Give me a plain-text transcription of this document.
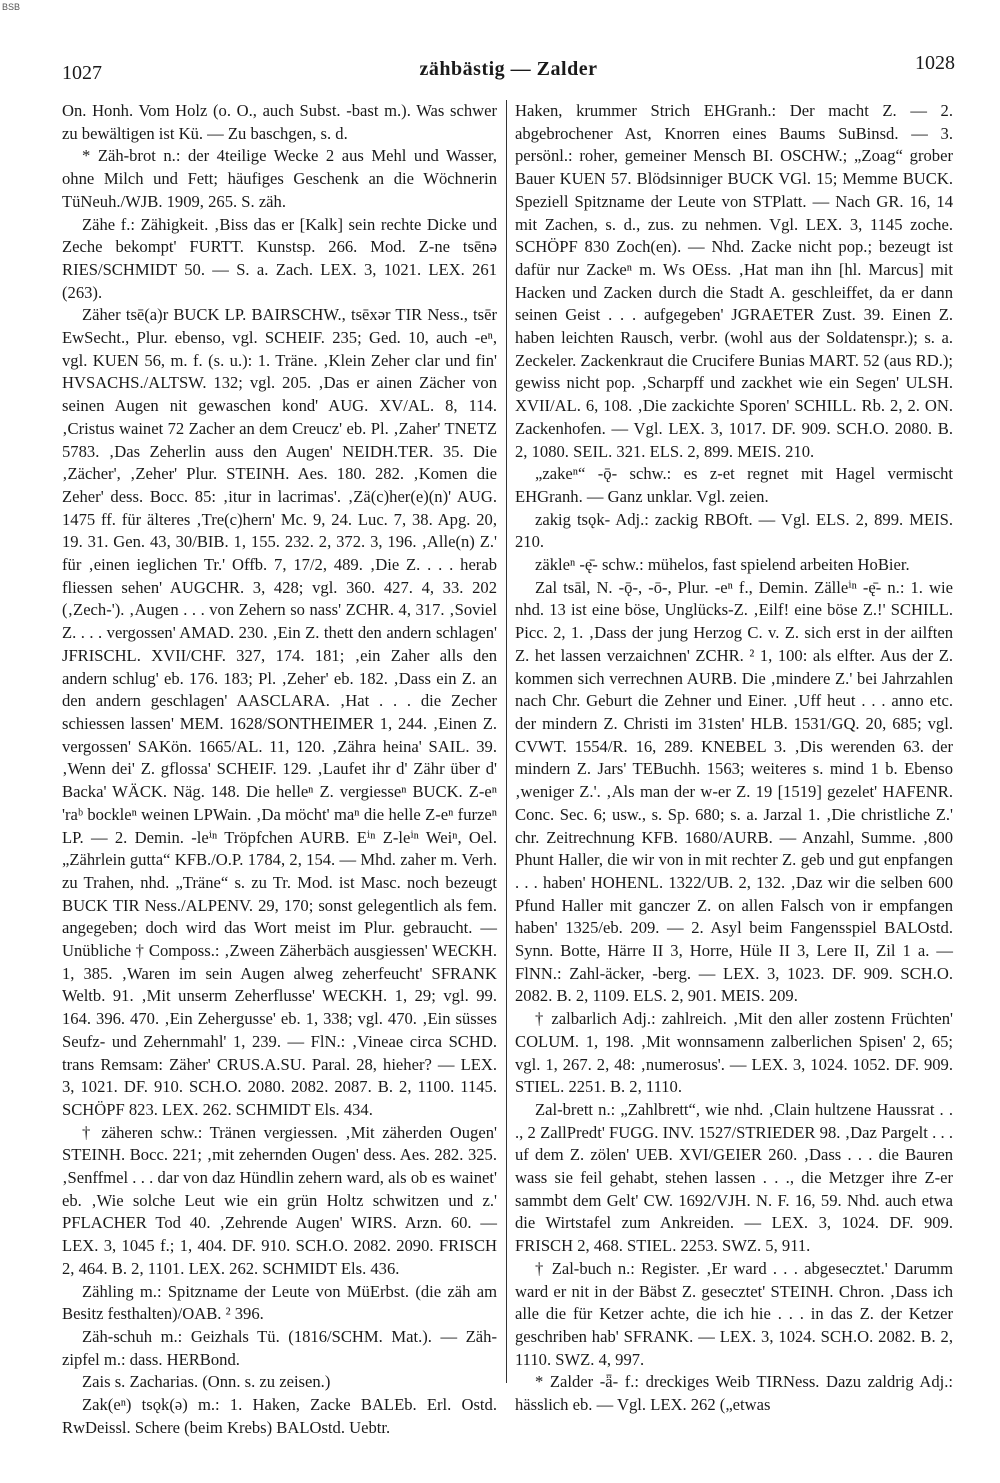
BSB
1027	zähbästig — Zalder	1028

On. Honh. Vom Holz (o. O., auch Subst. -bast m.). Was schwer zu bewältigen ist Kü. — Zu baschgen, s. d.

* Zäh-brot n.: der 4teilige Wecke 2 aus Mehl und Wasser, ohne Milch und Fett; häufiges Geschenk an die Wöchnerin TüNeuh./WJB. 1909, 265. S. zäh.

Zähe f.: Zähigkeit. ‚Biss das er [Kalk] sein rechte Dicke und Zeche bekompt' FURTT. Kunstsp. 266. Mod. Z-ne tsēnə RIES/SCHMIDT 50. — S. a. Zach. LEX. 3, 1021. LEX. 261 (263).

Zäher tsē(a)r BUCK LP. BAIRSCHW., tsēxər TIR Ness., tsēr EwSecht., Plur. ebenso, vgl. SCHEIF. 235; Ged. 10, auch -eⁿ, vgl. KUEN 56, m. f. (s. u.): 1. Träne. ‚Klein Zeher clar und fin' HVSACHS./ALTSW. 132; vgl. 205. ‚Das er ainen Zächer von seinen Augen nit gewaschen kond' AUG. XV/AL. 8, 114. ‚Cristus wainet 72 Zacher an dem Creucz' eb. Pl. ‚Zaher' TNETZ 5783. ‚Das Zeherlin auss den Augen' NEIDH.TER. 35. Die ‚Zächer', ‚Zeher' Plur. STEINH. Aes. 180. 282. ‚Komen die Zeher' dess. Bocc. 85: ‚itur in lacrimas'. ‚Zä(c)her(e)(n)' AUG. 1475 ff. für älteres ‚Tre(c)hern' Mc. 9, 24. Luc. 7, 38. Apg. 20, 19. 31. Gen. 43, 30/BIB. 1, 155. 232. 2, 372. 3, 196. ‚Alle(n) Z.' für ‚einen ieglichen Tr.' Offb. 7, 17/2, 489. ‚Die Z. . . . herab fliessen sehen' AUGCHR. 3, 428; vgl. 360. 427. 4, 33. 202 (‚Zech-'). ‚Augen . . . von Zehern so nass' ZCHR. 4, 317. ‚Soviel Z. . . . vergossen' AMAD. 230. ‚Ein Z. thett den andern schlagen' JFRISCHL. XVII/CHF. 327, 174. 181; ‚ein Zaher alls den andern schlug' eb. 176. 183; Pl. ‚Zeher' eb. 182. ‚Dass ein Z. an den andern geschlagen' AASCLARA. ‚Hat . . . die Zecher schiessen lassen' MEM. 1628/SONTHEIMER 1, 244. ‚Einen Z. vergossen' SAKön. 1665/AL. 11, 120. ‚Zähra heina' SAIL. 39. ‚Wenn dei' Z. gflossa' SCHEIF. 129. ‚Laufet ihr d' Zähr über d' Backa' WÄCK. Näg. 148. Die helleⁿ Z. vergiesseⁿ BUCK. Z-eⁿ 'raᵇ bockleⁿ weinen LPWain. ‚Da möcht' maⁿ die helle Z-eⁿ furzeⁿ LP. — 2. Demin. -leⁱⁿ Tröpfchen AURB. Eⁱⁿ Z-leⁱⁿ Weiⁿ, Oel. „Zährlein gutta“ KFB./O.P. 1784, 2, 154. — Mhd. zaher m. Verh. zu Trahen, nhd. „Träne“ s. zu Tr. Mod. ist Masc. noch bezeugt BUCK TIR Ness./ALPENV. 29, 170; sonst gelegentlich als fem. angegeben; doch wird das Wort meist im Plur. gebraucht. — Unübliche † Composs.: ‚Zween Zäherbäch ausgiessen' WECKH. 1, 385. ‚Waren im sein Augen alweg zeherfeucht' SFRANK Weltb. 91. ‚Mit unserm Zeherflusse' WECKH. 1, 29; vgl. 99. 164. 396. 470. ‚Ein Zehergusse' eb. 1, 338; vgl. 470. ‚Ein süsses Seufz- und Zehernmahl' 1, 239. — FlN.: ‚Vineae circa SCHD. trans Remsam: Zäher' CRUS.A.SU. Paral. 28, hieher? — LEX. 3, 1021. DF. 910. SCH.O. 2080. 2082. 2087. B. 2, 1100. 1145. SCHÖPF 823. LEX. 262. SCHMIDT Els. 434.

† zäheren schw.: Tränen vergiessen. ‚Mit zäherden Ougen' STEINH. Bocc. 221; ‚mit zehernden Ougen' dess. Aes. 282. 325. ‚Senffmel . . . dar von daz Hündlin zehern ward, als ob es wainet' eb. ‚Wie solche Leut wie ein grün Holtz schwitzen und z.' PFLACHER Tod 40. ‚Zehrende Augen' WIRS. Arzn. 60. — LEX. 3, 1045 f.; 1, 404. DF. 910. SCH.O. 2082. 2090. FRISCH 2, 464. B. 2, 1101. LEX. 262. SCHMIDT Els. 436.

Zähling m.: Spitzname der Leute von MüErbst. (die zäh am Besitz festhalten)/OAB. ² 396.

Zäh-schuh m.: Geizhals Tü. (1816/SCHM. Mat.). — Zäh-zipfel m.: dass. HERBond.

Zais s. Zacharias. (Onn. s. zu zeisen.)

Zak(eⁿ) tsǫk(ə) m.: 1. Haken, Zacke BALEb. Erl. Ostd. RwDeissl. Schere (beim Krebs) BALOstd. Uebtr.

Haken, krummer Strich EHGranh.: Der macht Z. — 2. abgebrochener Ast, Knorren eines Baums SuBinsd. — 3. persönl.: roher, gemeiner Mensch BI. OSCHW.; „Zoag“ grober Bauer KUEN 57. Blödsinniger BUCK VGl. 15; Memme BUCK. Speziell Spitzname der Leute von STPlatt. — Nach GR. 16, 14 mit Zachen, s. d., zus. zu nehmen. Vgl. LEX. 3, 1145 zoche. SCHÖPF 830 Zoch(en). — Nhd. Zacke nicht pop.; bezeugt ist dafür nur Zackeⁿ m. Ws OEss. ‚Hat man ihn [hl. Marcus] mit Hacken und Zacken durch die Stadt A. geschleiffet, da er dann seinen Geist . . . aufgegeben' JGRAETER Zust. 39. Einen Z. haben leichten Rausch, verbr. (wohl aus der Soldatenspr.); s. a. Zeckeler. Zackenkraut die Crucifere Bunias MART. 52 (aus RD.); gewiss nicht pop. ‚Scharpff und zackhet wie ein Segen' ULSH. XVII/AL. 6, 108. ‚Die zackichte Sporen' SCHILL. Rb. 2, 2. ON. Zackenhofen. — Vgl. LEX. 3, 1017. DF. 909. SCH.O. 2080. B. 2, 1080. SEIL. 321. ELS. 2, 899. MEIS. 210.

„zakeⁿ“ -ǭ- schw.: es z-et regnet mit Hagel vermischt EHGranh. — Ganz unklar. Vgl. zeien.

zakig tsǫk- Adj.: zackig RBOft. — Vgl. ELS. 2, 899. MEIS. 210.

zäkleⁿ -ę̄- schw.: mühelos, fast spielend arbeiten HoBier.

Zal tsāl, N. -ǭ-, -ō-, Plur. -eⁿ f., Demin. Zälleⁱⁿ -ę̄- n.: 1. wie nhd. 13 ist eine böse, Unglücks-Z. ‚Eilf! eine böse Z.!' SCHILL. Picc. 2, 1. ‚Dass der jung Herzog C. v. Z. sich erst in der ailften Z. het lassen verzaichnen' ZCHR. ² 1, 100: als elfter. Aus der Z. kommen sich verrechnen AURB. Die ‚mindere Z.' bei Jahrzahlen nach Chr. Geburt die Zehner und Einer. ‚Uff heut . . . anno etc. der mindern Z. Christi im 31sten' HLB. 1531/GQ. 20, 685; vgl. CVWT. 1554/R. 16, 289. KNEBEL 3. ‚Dis werenden 63. der mindern Z. Jars' TEBuchh. 1563; weiteres s. mind 1 b. Ebenso ‚weniger Z.'. ‚Als man der w-er Z. 19 [1519] gezelet' HAFENR. Conc. Sec. 6; usw., s. Sp. 680; s. a. Jarzal 1. ‚Die christliche Z.' chr. Zeitrechnung KFB. 1680/AURB. — Anzahl, Summe. ‚800 Phunt Haller, die wir von in mit rechter Z. geb und gut enpfangen . . . haben' HOHENL. 1322/UB. 2, 132. ‚Daz wir die selben 600 Pfund Haller mit ganczer Z. on allen Falsch von ir empfangen haben' 1325/eb. 209. — 2. Asyl beim Fangensspiel BALOstd. Synn. Botte, Härre II 3, Horre, Hüle II 3, Lere II, Zil 1 a. — FlNN.: Zahl-äcker, -berg. — LEX. 3, 1023. DF. 909. SCH.O. 2082. B. 2, 1109. ELS. 2, 901. MEIS. 209.

† zalbarlich Adj.: zahlreich. ‚Mit den aller zostenn Früchten' COLUM. 1, 198. ‚Mit wonnsamenn zalberlichen Spisen' 2, 65; vgl. 1, 267. 2, 48: ‚numerosus'. — LEX. 3, 1024. 1052. DF. 909. STIEL. 2251. B. 2, 1110.

Zal-brett n.: „Zahlbrett“, wie nhd. ‚Clain hultzene Haussrat . . ., 2 ZallPredt' FUGG. INV. 1527/STRIEDER 98. ‚Daz Pargelt . . . uf dem Z. zölen' UEB. XVI/GEIER 260. ‚Dass . . . die Bauren wass sie feil gehabt, stehen lassen . . ., die Metzger ihre Z-er sammbt dem Gelt' CW. 1692/VJH. N. F. 16, 59. Nhd. auch etwa die Wirtstafel zum Ankreiden. — LEX. 3, 1024. DF. 909. FRISCH 2, 468. STIEL. 2253. SWZ. 5, 911.

† Zal-buch n.: Register. ‚Er ward . . . abgesecztet.' Darumm ward er nit in der Bäbst Z. gesecztet' STEINH. Chron. ‚Dass ich alle die für Ketzer achte, die ich hie . . . in das Z. der Ketzer geschriben hab' SFRANK. — LEX. 3, 1024. SCH.O. 2082. B. 2, 1110. SWZ. 4, 997.

* Zalder -ǟ- f.: dreckiges Weib TIRNess. Dazu zaldrig Adj.: hässlich eb. — Vgl. LEX. 262 („etwas
